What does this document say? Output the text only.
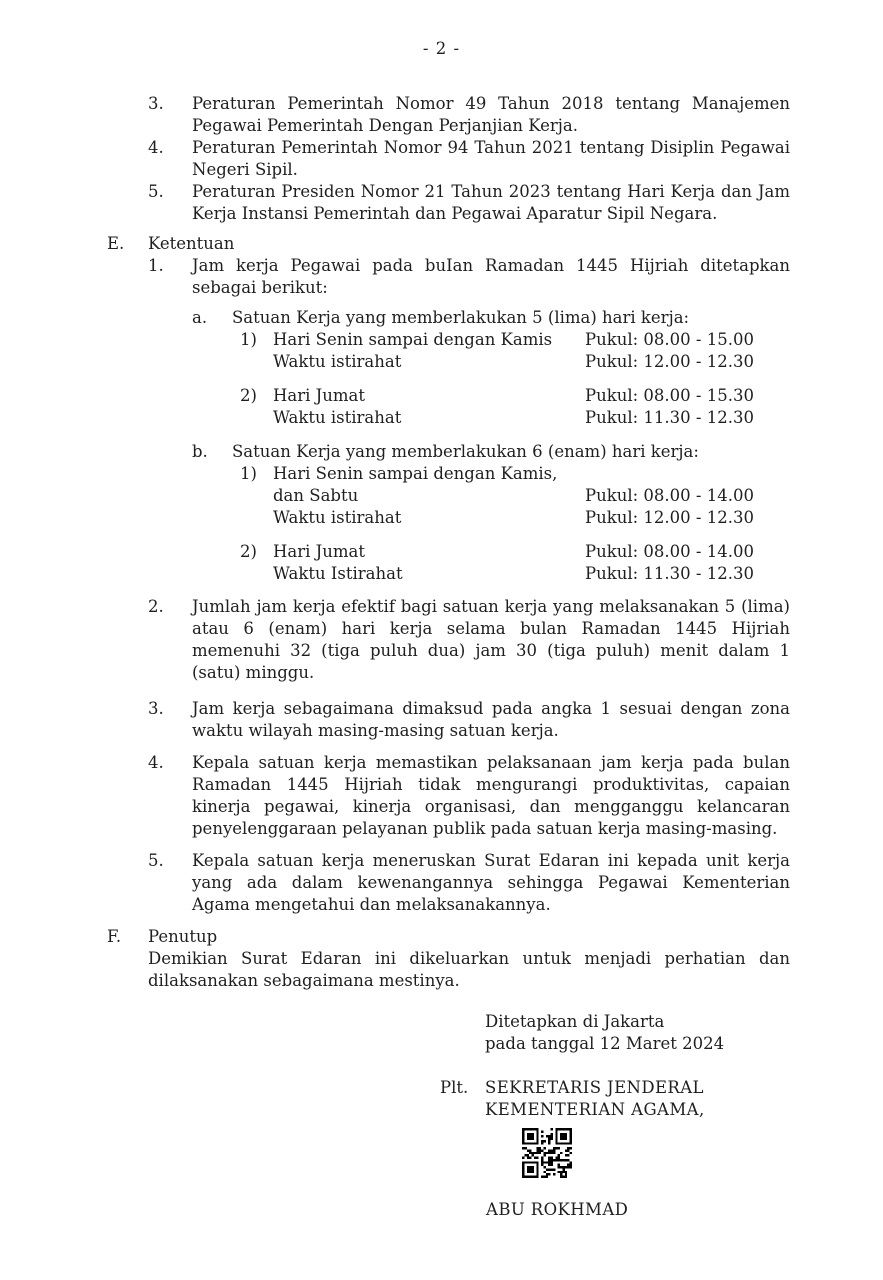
- 2 -
3.	Peraturan Pemerintah Nomor 49 Tahun 2018 tentang Manajemen Pegawai Pemerintah Dengan Perjanjian Kerja.
4.	Peraturan Pemerintah Nomor 94 Tahun 2021 tentang Disiplin Pegawai Negeri Sipil.
5.	Peraturan Presiden Nomor 21 Tahun 2023 tentang Hari Kerja dan Jam Kerja Instansi Pemerintah dan Pegawai Aparatur Sipil Negara.
E.	Ketentuan
1.	Jam kerja Pegawai pada buIan Ramadan 1445 Hijriah ditetapkan sebagai berikut:
a.	Satuan Kerja yang memberlakukan 5 (lima) hari kerja:
1) Hari Senin sampai dengan Kamis	Pukul: 08.00 - 15.00
Waktu istirahat	Pukul: 12.00 - 12.30
2) Hari Jumat	Pukul: 08.00 - 15.30
Waktu istirahat	Pukul: 11.30 - 12.30
b.	Satuan Kerja yang memberlakukan 6 (enam) hari kerja:
1) Hari Senin sampai dengan Kamis,
dan Sabtu	Pukul: 08.00 - 14.00
Waktu istirahat	Pukul: 12.00 - 12.30
2) Hari Jumat	Pukul: 08.00 - 14.00
Waktu Istirahat	Pukul: 11.30 - 12.30
2.	Jumlah jam kerja efektif bagi satuan kerja yang melaksanakan 5 (lima) atau 6 (enam) hari kerja selama bulan Ramadan 1445 Hijriah memenuhi 32 (tiga puluh dua) jam 30 (tiga puluh) menit dalam 1 (satu) minggu.
3.	Jam kerja sebagaimana dimaksud pada angka 1 sesuai dengan zona waktu wilayah masing-masing satuan kerja.
4.	Kepala satuan kerja memastikan pelaksanaan jam kerja pada bulan Ramadan 1445 Hijriah tidak mengurangi produktivitas, capaian kinerja pegawai, kinerja organisasi, dan mengganggu kelancaran penyelenggaraan pelayanan publik pada satuan kerja masing-masing.
5.	Kepala satuan kerja meneruskan Surat Edaran ini kepada unit kerja yang ada dalam kewenangannya sehingga Pegawai Kementerian Agama mengetahui dan melaksanakannya.
F.	Penutup
Demikian Surat Edaran ini dikeluarkan untuk menjadi perhatian dan dilaksanakan sebagaimana mestinya.
Ditetapkan di Jakarta
pada tanggal 12 Maret 2024
Plt.	SEKRETARIS JENDERAL
KEMENTERIAN AGAMA,
ABU ROKHMAD
